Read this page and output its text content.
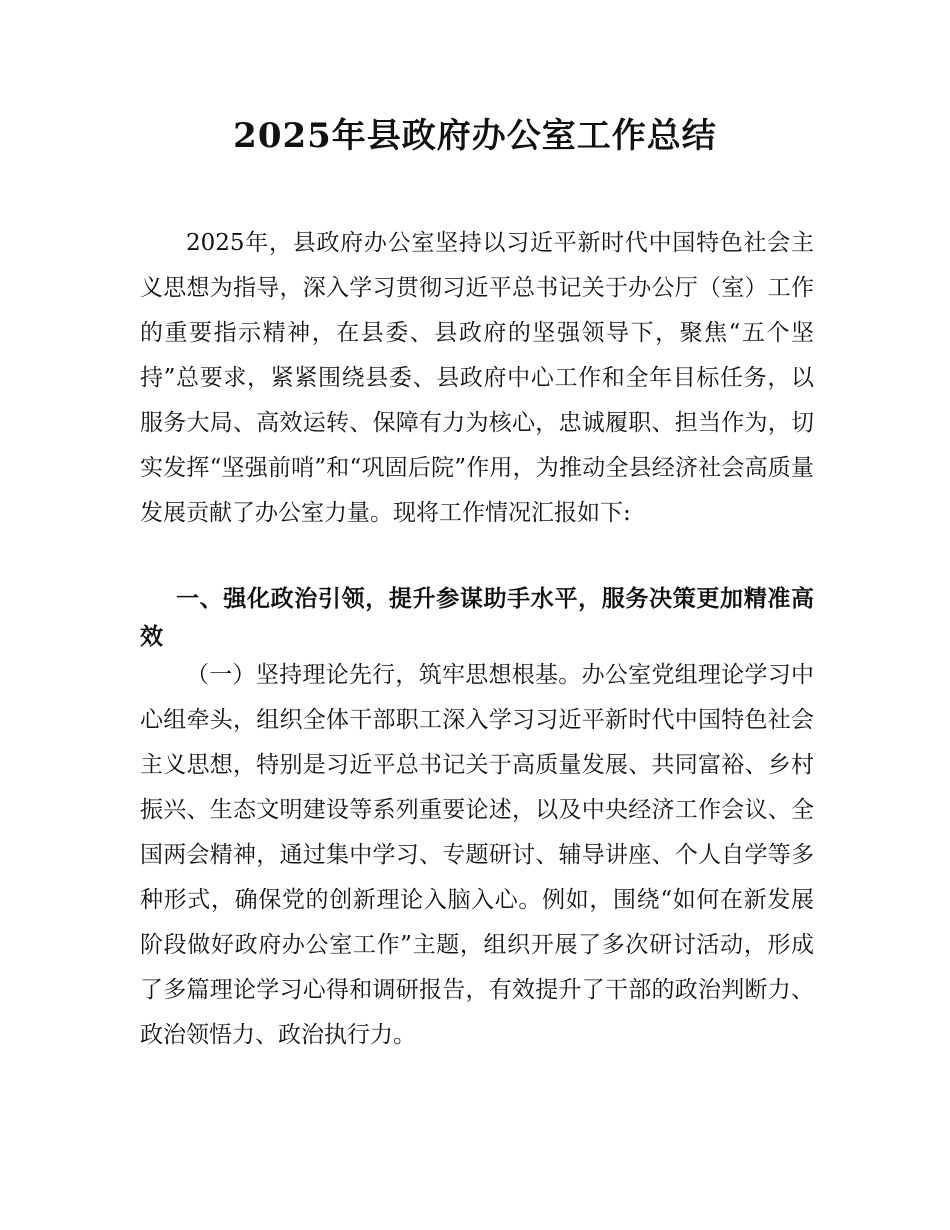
2025年县政府办公室工作总结

2025年，县政府办公室坚持以习近平新时代中国特色社会主义思想为指导，深入学习贯彻习近平总书记关于办公厅（室）工作的重要指示精神，在县委、县政府的坚强领导下，聚焦“五个坚持”总要求，紧紧围绕县委、县政府中心工作和全年目标任务，以服务大局、高效运转、保障有力为核心，忠诚履职、担当作为，切实发挥“坚强前哨”和“巩固后院”作用，为推动全县经济社会高质量发展贡献了办公室力量。现将工作情况汇报如下:

一、强化政治引领，提升参谋助手水平，服务决策更加精准高效

（一）坚持理论先行，筑牢思想根基。办公室党组理论学习中心组牵头，组织全体干部职工深入学习习近平新时代中国特色社会主义思想，特别是习近平总书记关于高质量发展、共同富裕、乡村振兴、生态文明建设等系列重要论述，以及中央经济工作会议、全国两会精神，通过集中学习、专题研讨、辅导讲座、个人自学等多种形式，确保党的创新理论入脑入心。例如，围绕“如何在新发展阶段做好政府办公室工作”主题，组织开展了多次研讨活动，形成了多篇理论学习心得和调研报告，有效提升了干部的政治判断力、政治领悟力、政治执行力。
